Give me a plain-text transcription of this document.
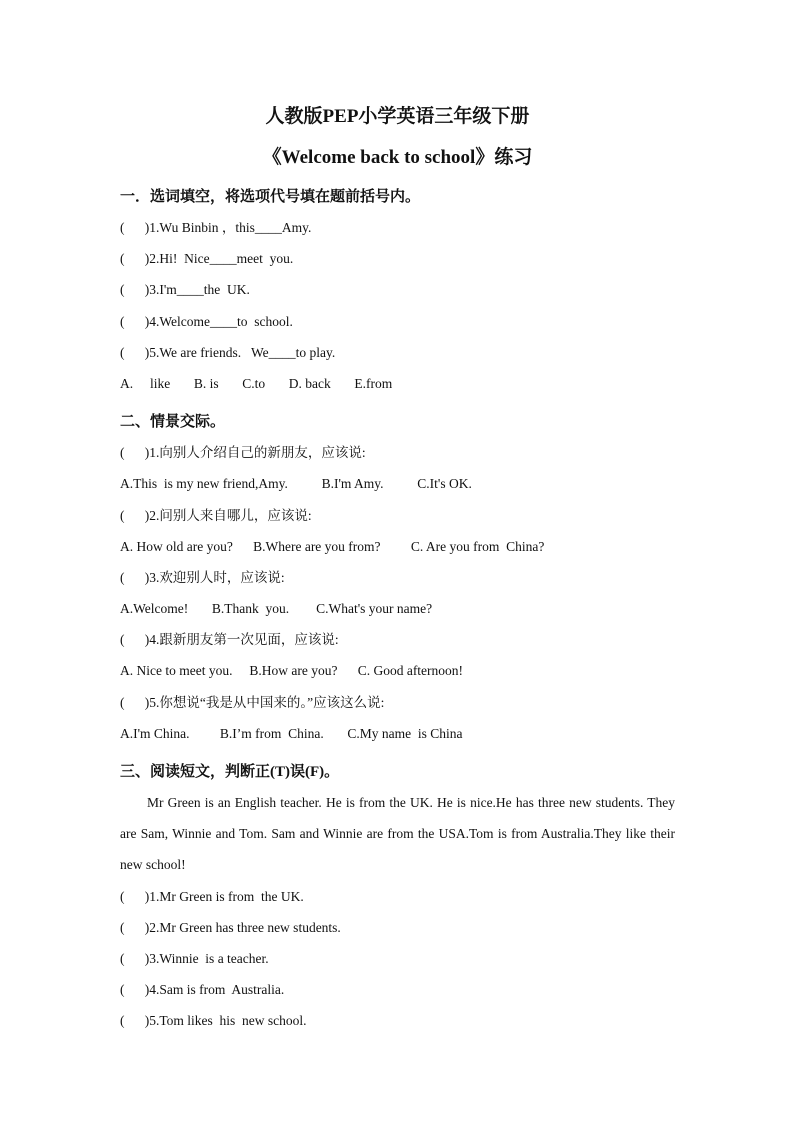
人教版PEP小学英语三年级下册
《Welcome back to school》练习
一．选词填空，将选项代号填在题前括号内。
(      )1.Wu Binbin ，this____Amy.
(      )2.Hi!  Nice____meet  you.
(      )3.I'm____the  UK.
(      )4.Welcome____to  school.
(      )5.We are friends.   We____to play.
A.     like       B. is       C.to       D. back       E.from
二、情景交际。
(      )1.向别人介绍自己的新朋友，应该说:
A.This  is my new friend,Amy.          B.I'm Amy.          C.It's OK.
(      )2.问别人来自哪儿，应该说:
A. How old are you?      B.Where are you from?         C. Are you from  China?
(      )3.欢迎别人时，应该说:
A.Welcome!       B.Thank  you.        C.What's your name?
(      )4.跟新朋友第一次见面，应该说:
A. Nice to meet you.     B.How are you?      C. Good afternoon!
(      )5.你想说“我是从中国来的。”应该这么说:
A.I'm China.         B.I’m from  China.       C.My name  is China
三、阅读短文，判断正(T)误(F)。

Mr Green is an English teacher. He is from the UK. He is nice.He has three new students. They are Sam, Winnie and Tom. Sam and Winnie are from the USA.Tom is from Australia.They like their new school!

(      )1.Mr Green is from  the UK.
(      )2.Mr Green has three new students.
(      )3.Winnie  is a teacher.
(      )4.Sam is from  Australia.
(      )5.Tom likes  his  new school.
